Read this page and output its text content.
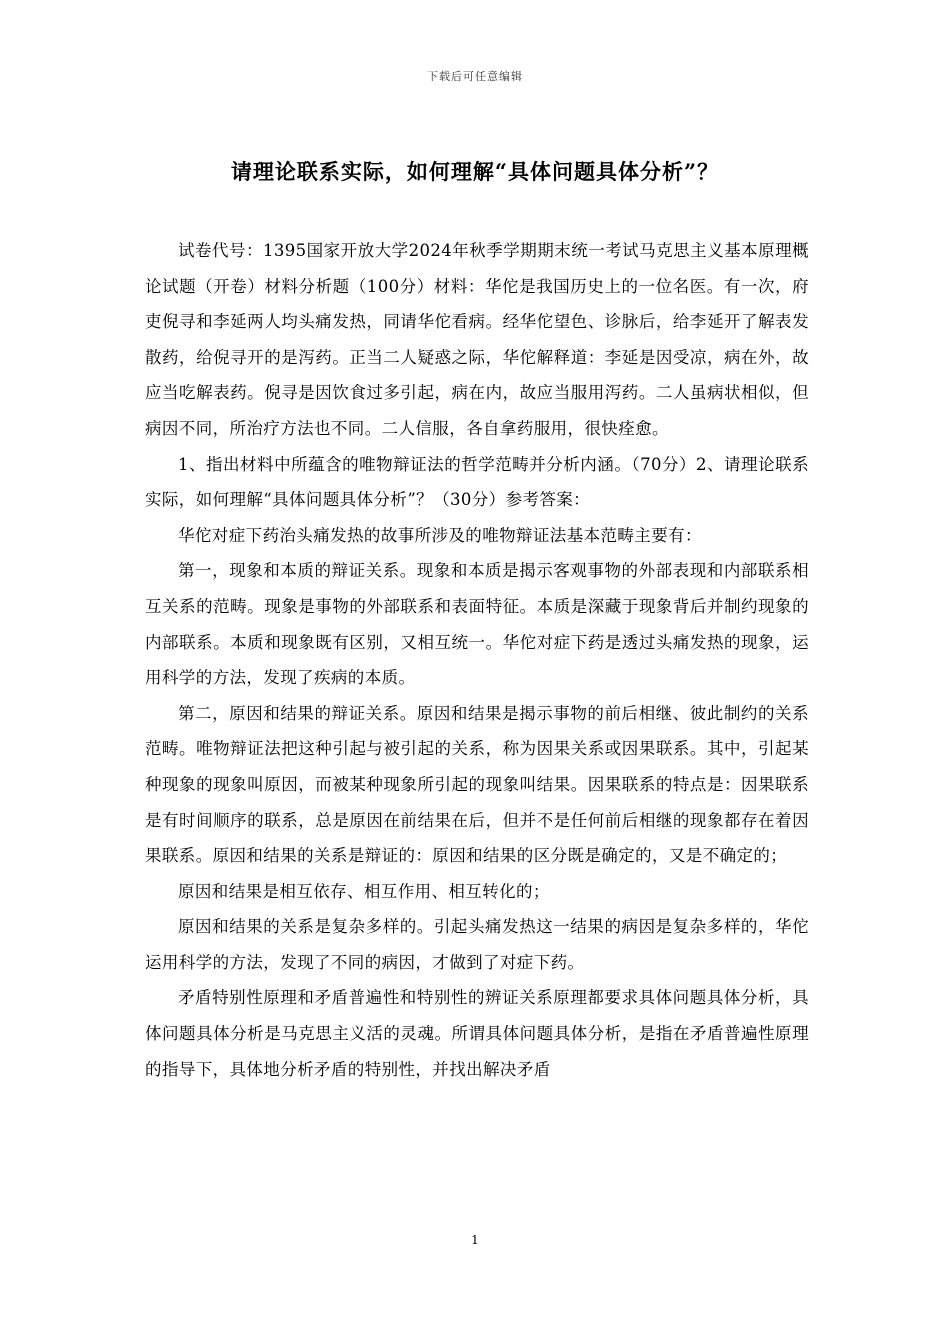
下载后可任意编辑
请理论联系实际，如何理解“具体问题具体分析”？

试卷代号：1395国家开放大学2024年秋季学期期末统一考试马克思主义基本原理概论试题（开卷）材料分析题（100分）材料：华佗是我国历史上的一位名医。有一次，府吏倪寻和李延两人均头痛发热，同请华佗看病。经华佗望色、诊脉后，给李延开了解表发散药，给倪寻开的是泻药。正当二人疑惑之际，华佗解释道：李延是因受凉，病在外，故应当吃解表药。倪寻是因饮食过多引起，病在内，故应当服用泻药。二人虽病状相似，但病因不同，所治疗方法也不同。二人信服，各自拿药服用，很快痊愈。

1、指出材料中所蕴含的唯物辩证法的哲学范畴并分析内涵。（70分）2、请理论联系实际，如何理解“具体问题具体分析”？（30分）参考答案：

华佗对症下药治头痛发热的故事所涉及的唯物辩证法基本范畴主要有：

第一，现象和本质的辩证关系。现象和本质是揭示客观事物的外部表现和内部联系相互关系的范畴。现象是事物的外部联系和表面特征。本质是深藏于现象背后并制约现象的内部联系。本质和现象既有区别，又相互统一。华佗对症下药是透过头痛发热的现象，运用科学的方法，发现了疾病的本质。

第二，原因和结果的辩证关系。原因和结果是揭示事物的前后相继、彼此制约的关系范畴。唯物辩证法把这种引起与被引起的关系，称为因果关系或因果联系。其中，引起某种现象的现象叫原因，而被某种现象所引起的现象叫结果。因果联系的特点是：因果联系是有时间顺序的联系，总是原因在前结果在后，但并不是任何前后相继的现象都存在着因果联系。原因和结果的关系是辩证的：原因和结果的区分既是确定的，又是不确定的；

原因和结果是相互依存、相互作用、相互转化的；

原因和结果的关系是复杂多样的。引起头痛发热这一结果的病因是复杂多样的，华佗运用科学的方法，发现了不同的病因，才做到了对症下药。

矛盾特别性原理和矛盾普遍性和特别性的辨证关系原理都要求具体问题具体分析，具体问题具体分析是马克思主义活的灵魂。所谓具体问题具体分析，是指在矛盾普遍性原理的指导下，具体地分析矛盾的特别性，并找出解决矛盾

1
